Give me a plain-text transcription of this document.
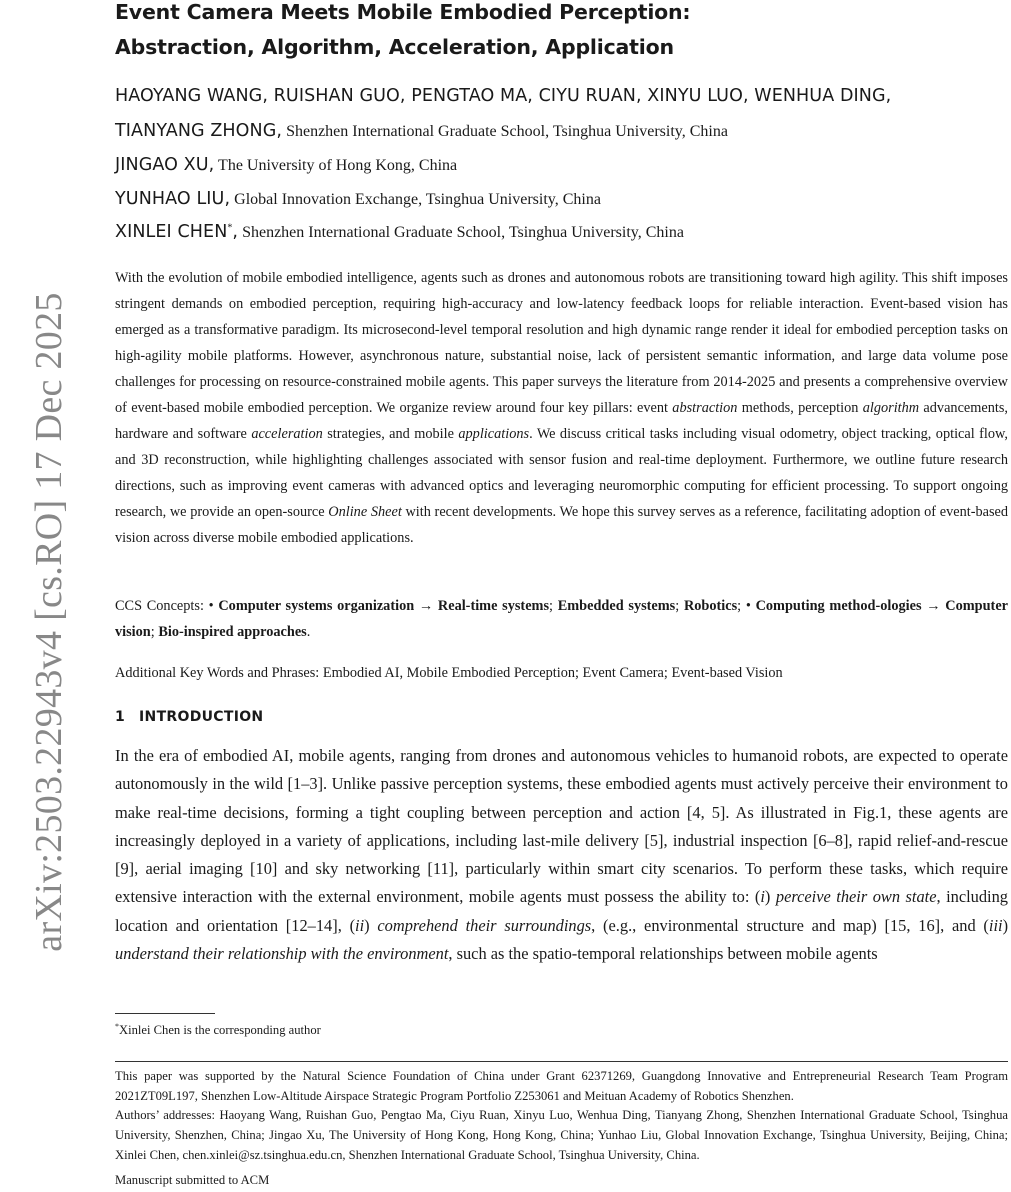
arXiv:2503.22943v4 [cs.RO] 17 Dec 2025
Event Camera Meets Mobile Embodied Perception:
Abstraction, Algorithm, Acceleration, Application
HAOYANG WANG, RUISHAN GUO, PENGTAO MA, CIYU RUAN, XINYU LUO, WENHUA DING,
TIANYANG ZHONG, Shenzhen International Graduate School, Tsinghua University, China
JINGAO XU, The University of Hong Kong, China
YUNHAO LIU, Global Innovation Exchange, Tsinghua University, China
XINLEI CHEN*, Shenzhen International Graduate School, Tsinghua University, China

With the evolution of mobile embodied intelligence, agents such as drones and autonomous robots are transitioning toward high agility. This shift imposes stringent demands on embodied perception, requiring high-accuracy and low-latency feedback loops for reliable interaction. Event-based vision has emerged as a transformative paradigm. Its microsecond-level temporal resolution and high dynamic range render it ideal for embodied perception tasks on high-agility mobile platforms. However, asynchronous nature, substantial noise, lack of persistent semantic information, and large data volume pose challenges for processing on resource-constrained mobile agents. This paper surveys the literature from 2014-2025 and presents a comprehensive overview of event-based mobile embodied perception. We organize review around four key pillars: event abstraction methods, perception algorithm advancements, hardware and software acceleration strategies, and mobile applications. We discuss critical tasks including visual odometry, object tracking, optical flow, and 3D reconstruction, while highlighting challenges associated with sensor fusion and real-time deployment. Furthermore, we outline future research directions, such as improving event cameras with advanced optics and leveraging neuromorphic computing for efficient processing. To support ongoing research, we provide an open-source Online Sheet with recent developments. We hope this survey serves as a reference, facilitating adoption of event-based vision across diverse mobile embodied applications.

CCS Concepts: • Computer systems organization → Real-time systems; Embedded systems; Robotics; • Computing method-ologies → Computer vision; Bio-inspired approaches.

Additional Key Words and Phrases: Embodied AI, Mobile Embodied Perception; Event Camera; Event-based Vision

1 INTRODUCTION

In the era of embodied AI, mobile agents, ranging from drones and autonomous vehicles to humanoid robots, are expected to operate autonomously in the wild [1–3]. Unlike passive perception systems, these embodied agents must actively perceive their environment to make real-time decisions, forming a tight coupling between perception and action [4, 5]. As illustrated in Fig.1, these agents are increasingly deployed in a variety of applications, including last-mile delivery [5], industrial inspection [6–8], rapid relief-and-rescue [9], aerial imaging [10] and sky networking [11], particularly within smart city scenarios. To perform these tasks, which require extensive interaction with the external environment, mobile agents must possess the ability to: (i) perceive their own state, including location and orientation [12–14], (ii) comprehend their surroundings, (e.g., environmental structure and map) [15, 16], and (iii) understand their relationship with the environment, such as the spatio-temporal relationships between mobile agents

*Xinlei Chen is the corresponding author
This paper was supported by the Natural Science Foundation of China under Grant 62371269, Guangdong Innovative and Entrepreneurial Research Team Program 2021ZT09L197, Shenzhen Low-Altitude Airspace Strategic Program Portfolio Z253061 and Meituan Academy of Robotics Shenzhen.
Authors’ addresses: Haoyang Wang, Ruishan Guo, Pengtao Ma, Ciyu Ruan, Xinyu Luo, Wenhua Ding, Tianyang Zhong, Shenzhen International Graduate School, Tsinghua University, Shenzhen, China; Jingao Xu, The University of Hong Kong, Hong Kong, China; Yunhao Liu, Global Innovation Exchange, Tsinghua University, Beijing, China; Xinlei Chen, chen.xinlei@sz.tsinghua.edu.cn, Shenzhen International Graduate School, Tsinghua University, China.
Manuscript submitted to ACM
